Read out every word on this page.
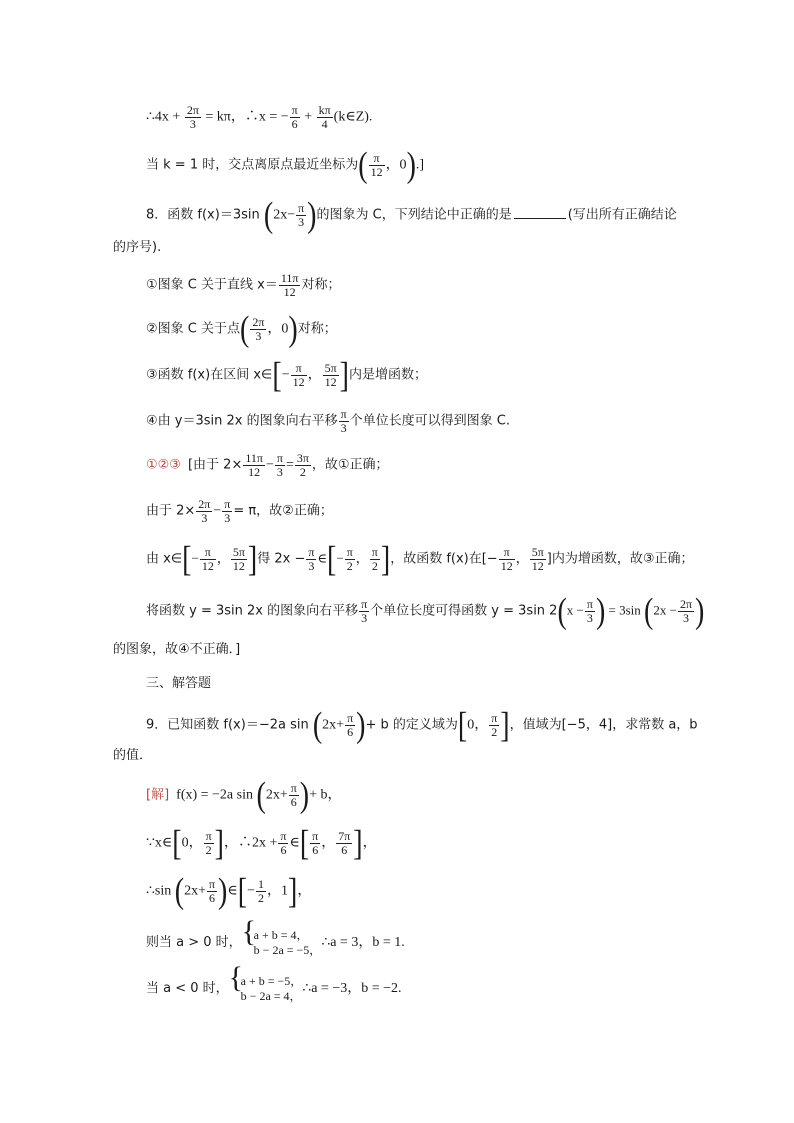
∴4x + $\frac{2\pi}{3} = k\pi$，∴x = − $\frac{\pi}{6} + \frac{k\pi}{4}$ (k∈Z).
当 k = 1 时，交点离原点最近坐标为( $\frac{\pi}{12}$ ，0).]
8．函数 f(x)＝3sin ($2x- \frac{\pi}{3}$ )的图象为 C，下列结论中正确的是	(写出所有正确结论
的序号).
①图象 C 关于直线 $x= \frac{11\pi}{12}$ 对称；
②图象 C 关于点( $\frac{2\pi}{3}$ ，0)对称；
③函数 f(x)在区间 x∈[− $\frac{\pi}{12}$ ， $\frac{5\pi}{12}$ ]内是增函数；
④由 y＝3sin 2x 的图象向右平移 $\frac{\pi}{3}$ 个单位长度可以得到图象 C.
①②③ [由于 $2\times \frac{11\pi}{12} - \frac{\pi}{3} = \frac{3\pi}{2}$ ，故①正确；
由于 $2\times \frac{2\pi}{3} - \frac{\pi}{3} = \pi$，故②正确；
由 x∈[− $\frac{\pi}{12}$ ， $\frac{5\pi}{12}$ ]得 $2x - \frac{\pi}{3}$ ∈[− $\frac{\pi}{2}$ ， $\frac{\pi}{2}$ ]，故函数 f(x)在[− $\frac{\pi}{12}$ ， $\frac{5\pi}{12}$ ]内为增函数，故③正确；
将函数 y = 3sin 2x 的图象向右平移 $\frac{\pi}{3}$ 个单位长度可得函数 y = 3sin $2(x - \frac{\pi}{3}$ ) = 3sin ($2x - \frac{2\pi}{3}$ )
的图象，故④不正确．]
三、解答题
9．已知函数 f(x)＝−2a $\sin (2x+ \frac{\pi}{6}$ )+ b 的定义域为[0， $\frac{\pi}{2}$ ]，值域为[−5，4]，求常数 a，b
的值．
[解] f(x) = −2a $\sin (2x+ \frac{\pi}{6}$ )+ b，
∵x∈[0， $\frac{\pi}{2}$ ]，∴2x + $\frac{\pi}{6}$ ∈[ $\frac{\pi}{6}$ ， $\frac{7\pi}{6}$ ]，
∴sin ($2x+ \frac{\pi}{6}$ )∈[− $\frac{1}{2}$ ，1]，
则当 a > 0 时，
{ a + b = 4，
b − 2a = −5， ∴a = 3，b = 1.
当 a < 0 时，
{ a + b = −5，
b − 2a = 4， ∴a = −3，b = −2.
